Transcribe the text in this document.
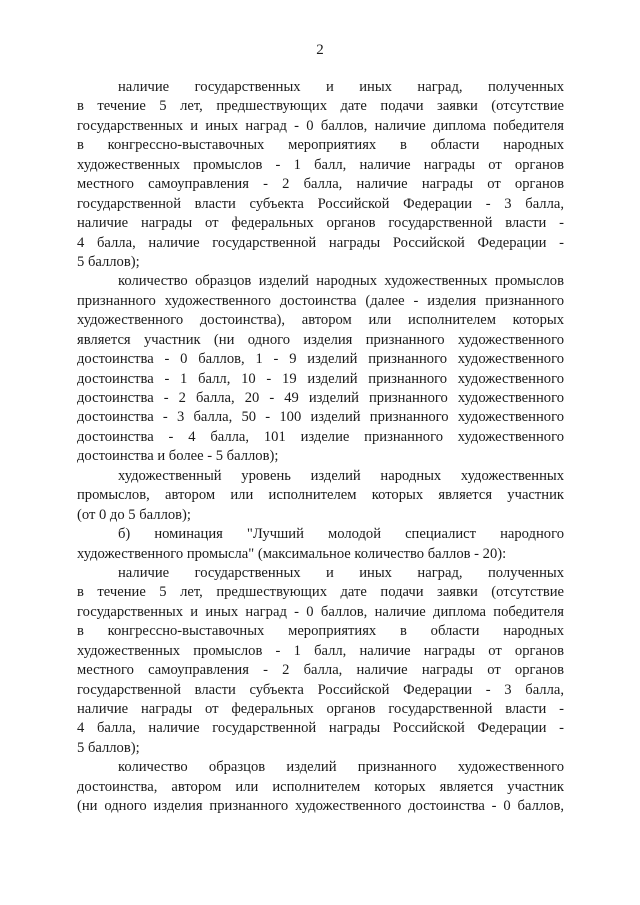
2
наличие государственных и иных наград, полученных
в течение 5 лет, предшествующих дате подачи заявки (отсутствие
государственных и иных наград - 0 баллов, наличие диплома победителя
в конгрессно-выставочных мероприятиях в области народных
художественных промыслов - 1 балл, наличие награды от органов
местного самоуправления - 2 балла, наличие награды от органов
государственной власти субъекта Российской Федерации - 3 балла,
наличие награды от федеральных органов государственной власти -
4 балла, наличие государственной награды Российской Федерации -
5 баллов);
количество образцов изделий народных художественных промыслов
признанного художественного достоинства (далее - изделия признанного
художественного достоинства), автором или исполнителем которых
является участник (ни одного изделия признанного художественного
достоинства - 0 баллов, 1 - 9 изделий признанного художественного
достоинства - 1 балл, 10 - 19 изделий признанного художественного
достоинства - 2 балла, 20 - 49 изделий признанного художественного
достоинства - 3 балла, 50 - 100 изделий признанного художественного
достоинства - 4 балла, 101 изделие признанного художественного
достоинства и более - 5 баллов);
художественный уровень изделий народных художественных
промыслов, автором или исполнителем которых является участник
(от 0 до 5 баллов);
б) номинация "Лучший молодой специалист народного
художественного промысла" (максимальное количество баллов - 20):
наличие государственных и иных наград, полученных
в течение 5 лет, предшествующих дате подачи заявки (отсутствие
государственных и иных наград - 0 баллов, наличие диплома победителя
в конгрессно-выставочных мероприятиях в области народных
художественных промыслов - 1 балл, наличие награды от органов
местного самоуправления - 2 балла, наличие награды от органов
государственной власти субъекта Российской Федерации - 3 балла,
наличие награды от федеральных органов государственной власти -
4 балла, наличие государственной награды Российской Федерации -
5 баллов);
количество образцов изделий признанного художественного
достоинства, автором или исполнителем которых является участник
(ни одного изделия признанного художественного достоинства - 0 баллов,
